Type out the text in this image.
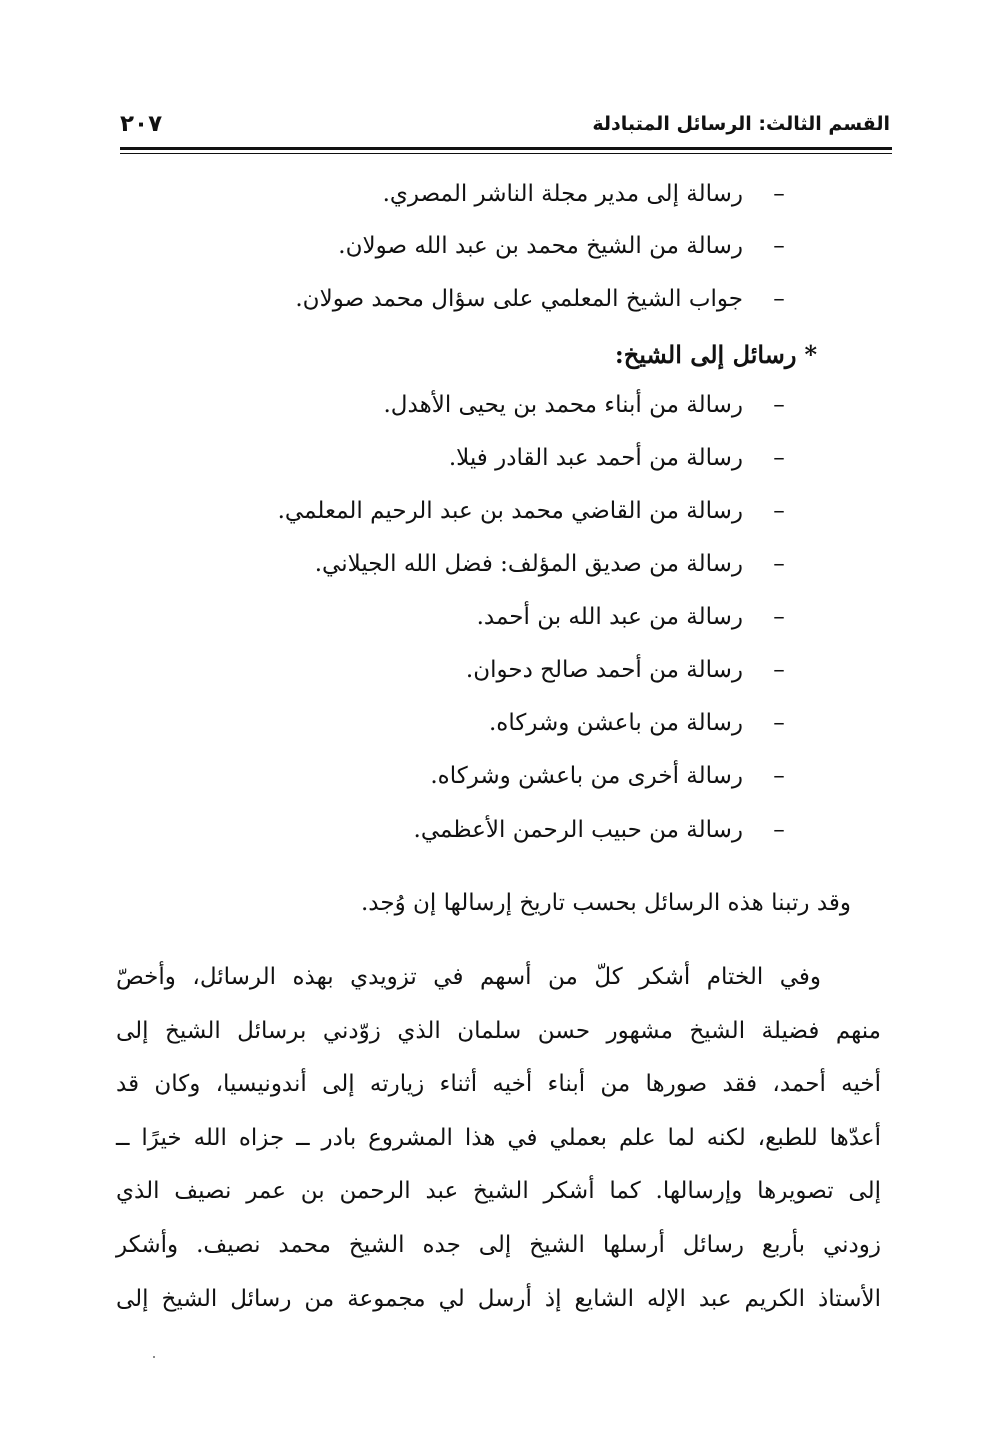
القسم الثالث: الرسائل المتبادلة
٢٠٧
–
رسالة إلى مدير مجلة الناشر المصري.
–
رسالة من الشيخ محمد بن عبد الله صولان.
–
جواب الشيخ المعلمي على سؤال محمد صولان.
*رسائل إلى الشيخ:
–
رسالة من أبناء محمد بن يحيى الأهدل.
–
رسالة من أحمد عبد القادر فيلا.
–
رسالة من القاضي محمد بن عبد الرحيم المعلمي.
–
رسالة من صديق المؤلف: فضل الله الجيلاني.
–
رسالة من عبد الله بن أحمد.
–
رسالة من أحمد صالح دحوان.
–
رسالة من باعشن وشركاه.
–
رسالة أخرى من باعشن وشركاه.
–
رسالة من حبيب الرحمن الأعظمي.
وقد رتبنا هذه الرسائل بحسب تاريخ إرسالها إن وُجد.
وفي الختام أشكر كلّ من أسهم في تزويدي بهذه الرسائل، وأخصّ
منهم فضيلة الشيخ مشهور حسن سلمان الذي زوّدني برسائل الشيخ إلى
أخيه أحمد، فقد صورها من أبناء أخيه أثناء زيارته إلى أندونيسيا، وكان قد
أعدّها للطبع، لكنه لما علم بعملي في هذا المشروع بادر ــ جزاه الله خيرًا ــ
إلى تصويرها وإرسالها. كما أشكر الشيخ عبد الرحمن بن عمر نصيف الذي
زودني بأربع رسائل أرسلها الشيخ إلى جده الشيخ محمد نصيف. وأشكر
الأستاذ الكريم عبد الإله الشايع إذ أرسل لي مجموعة من رسائل الشيخ إلى
